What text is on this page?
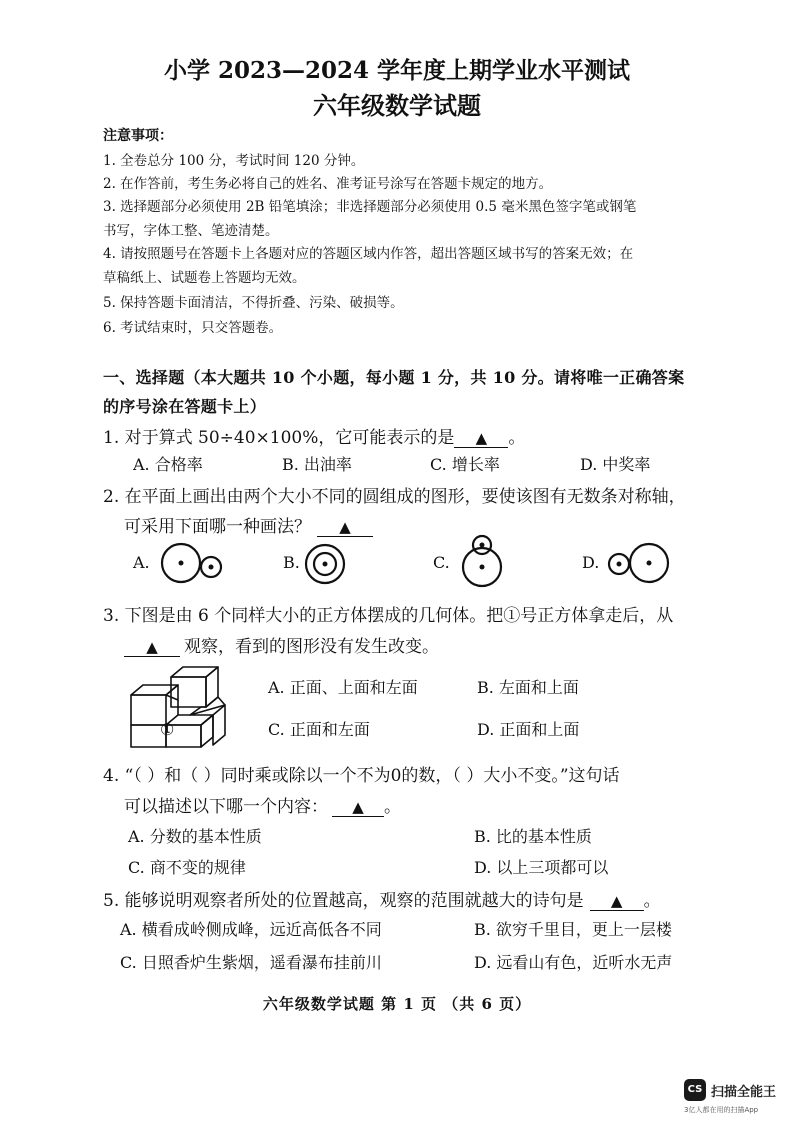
小学 2023—2024 学年度上期学业水平测试
六年级数学试题
注意事项：
1. 全卷总分 100 分，考试时间 120 分钟。
2. 在作答前，考生务必将自己的姓名、准考证号涂写在答题卡规定的地方。
3. 选择题部分必须使用 2B 铅笔填涂；非选择题部分必须使用 0.5 毫米黑色签字笔或钢笔
书写，字体工整、笔迹清楚。
4. 请按照题号在答题卡上各题对应的答题区域内作答，超出答题区域书写的答案无效；在
草稿纸上、试题卷上答题均无效。
5. 保持答题卡面清洁，不得折叠、污染、破损等。
6. 考试结束时，只交答题卷。
一、选择题（本大题共 10 个小题，每小题 1 分，共 10 分。请将唯一正确答案
的序号涂在答题卡上）
1. 对于算式 50÷40×100%，它可能表示的是 ▲ 。
A. 合格率	B. 出油率	C. 增长率	D. 中奖率
2. 在平面上画出由两个大小不同的圆组成的图形，要使该图有无数条对称轴，
可采用下面哪一种画法？ ▲
A.	B.	C.	D.
3. 下图是由 6 个同样大小的正方体摆成的几何体。把①号正方体拿走后，从
▲ 观察，看到的图形没有发生改变。
①
A. 正面、上面和左面	B. 左面和上面
C. 正面和左面	D. 正面和上面
4. “（ ）和（ ）同时乘或除以一个不为0的数，（ ）大小不变。”这句话
可以描述以下哪一个内容： ▲ 。
A. 分数的基本性质	B. 比的基本性质
C. 商不变的规律	D. 以上三项都可以
5. 能够说明观察者所处的位置越高，观察的范围就越大的诗句是 ▲ 。
A. 横看成岭侧成峰，远近高低各不同	B. 欲穷千里目，更上一层楼
C. 日照香炉生紫烟，遥看瀑布挂前川	D. 远看山有色，近听水无声
六年级数学试题 第 1 页 （共 6 页）
CS 扫描全能王
3亿人都在用的扫描App
